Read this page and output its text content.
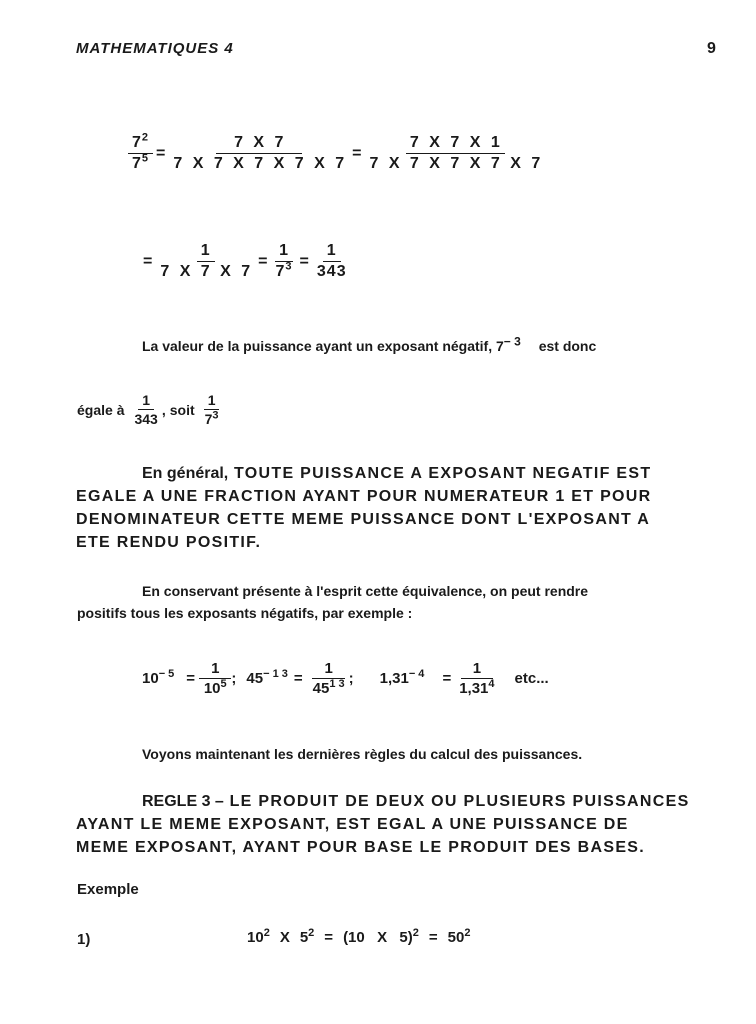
MATHEMATIQUES 4	9
$\frac{7^2}{7^5} = \frac{7 X 7}{7 X 7 X 7 X 7 X 7} = \frac{7 X 7 X 1}{7 X 7 X 7 X 7 X 7}$
= $\frac{1}{7 X 7 X 7} = \frac{1}{7^3} = \frac{1}{343}$
La valeur de la puissance ayant un exposant négatif, $7^{- 3}$ est donc
égale à $\frac{1}{343}$ , soit $\frac{1}{7^3}$
En général, TOUTE PUISSANCE A EXPOSANT NEGATIF EST
EGALE A UNE FRACTION AYANT POUR NUMERATEUR 1 ET POUR
DENOMINATEUR CETTE MEME PUISSANCE DONT L'EXPOSANT A
ETE RENDU POSITIF.
En conservant présente à l'esprit cette équivalence, on peut rendre
positifs tous les exposants négatifs, par exemple :
$10^{- 5} = \frac{1}{10^5}$ ; $45^{- 1 3} = \frac{1}{45^{1 3}}$ ; $1,31^{- 4} = \frac{1}{1,31^4}$ etc...
Voyons maintenant les dernières règles du calcul des puissances.
REGLE 3 – LE PRODUIT DE DEUX OU PLUSIEURS PUISSANCES
AYANT LE MEME EXPOSANT, EST EGAL A UNE PUISSANCE DE
MEME EXPOSANT, AYANT POUR BASE LE PRODUIT DES BASES.
Exemple
1)	$10^2$ X $5^2 = (10$  X  $5)^2 = 50^2$
